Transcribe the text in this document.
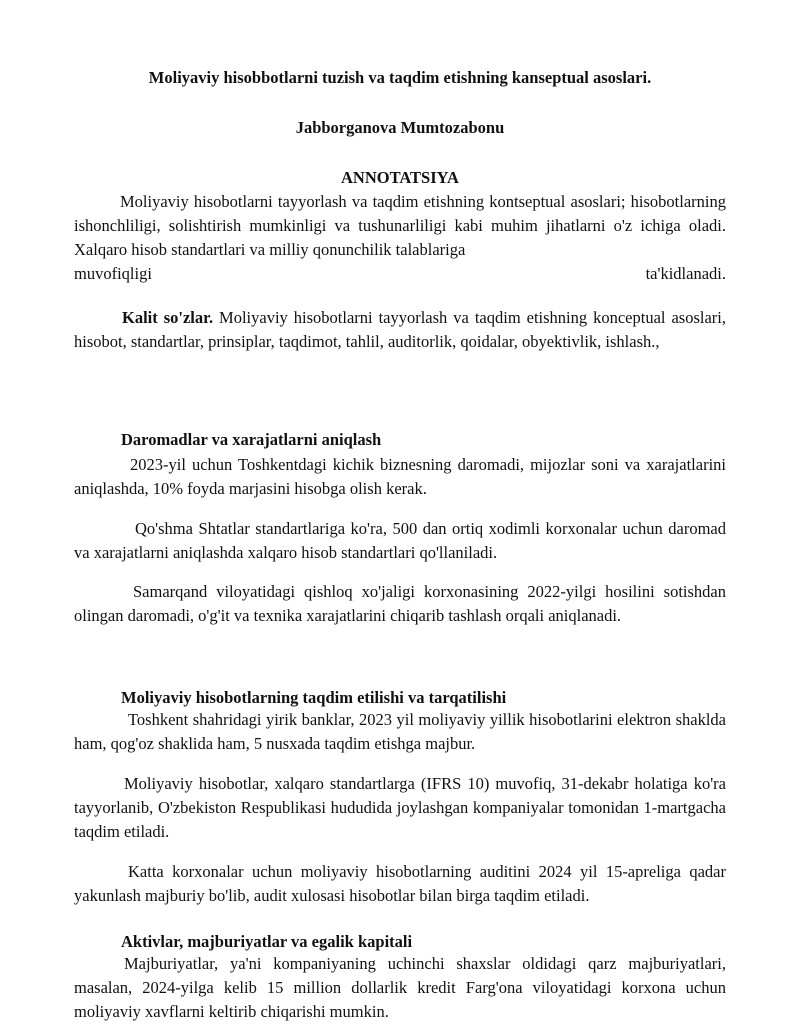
Moliyaviy hisobbotlarni tuzish va taqdim etishning kanseptual asoslari.
Jabborganova Mumtozabonu
ANNOTATSIYA
Moliyaviy hisobotlarni tayyorlash va taqdim etishning kontseptual asoslari; hisobotlarning ishonchliligi, solishtirish mumkinligi va tushunarliligi kabi muhim jihatlarni o'z ichiga oladi. Xalqaro hisob standartlari va milliy qonunchilik talablariga
muvofiqligi	ta'kidlanadi.
Kalit so'zlar. Moliyaviy hisobotlarni tayyorlash va taqdim etishning konceptual asoslari, hisobot, standartlar, prinsiplar, taqdimot, tahlil, auditorlik, qoidalar, obyektivlik, ishlash.,
Daromadlar va xarajatlarni aniqlash
2023-yil uchun Toshkentdagi kichik biznesning daromadi, mijozlar soni va xarajatlarini aniqlashda, 10% foyda marjasini hisobga olish kerak.
Qo'shma Shtatlar standartlariga ko'ra, 500 dan ortiq xodimli korxonalar uchun daromad va xarajatlarni aniqlashda xalqaro hisob standartlari qo'llaniladi.
Samarqand viloyatidagi qishloq xo'jaligi korxonasining 2022-yilgi hosilini sotishdan olingan daromadi, o'g'it va texnika xarajatlarini chiqarib tashlash orqali aniqlanadi.
Moliyaviy hisobotlarning taqdim etilishi va tarqatilishi
Toshkent shahridagi yirik banklar, 2023 yil moliyaviy yillik hisobotlarini elektron shaklda ham, qog'oz shaklida ham, 5 nusxada taqdim etishga majbur.
Moliyaviy hisobotlar, xalqaro standartlarga (IFRS 10) muvofiq, 31-dekabr holatiga ko'ra tayyorlanib, O'zbekiston Respublikasi hududida joylashgan kompaniyalar tomonidan 1-martgacha taqdim etiladi.
Katta korxonalar uchun moliyaviy hisobotlarning auditini 2024 yil 15-apreliga qadar yakunlash majburiy bo'lib, audit xulosasi hisobotlar bilan birga taqdim etiladi.
Aktivlar, majburiyatlar va egalik kapitali
Majburiyatlar, ya'ni kompaniyaning uchinchi shaxslar oldidagi qarz majburiyatlari, masalan, 2024-yilga kelib 15 million dollarlik kredit Farg'ona viloyatidagi korxona uchun moliyaviy xavflarni keltirib chiqarishi mumkin.
